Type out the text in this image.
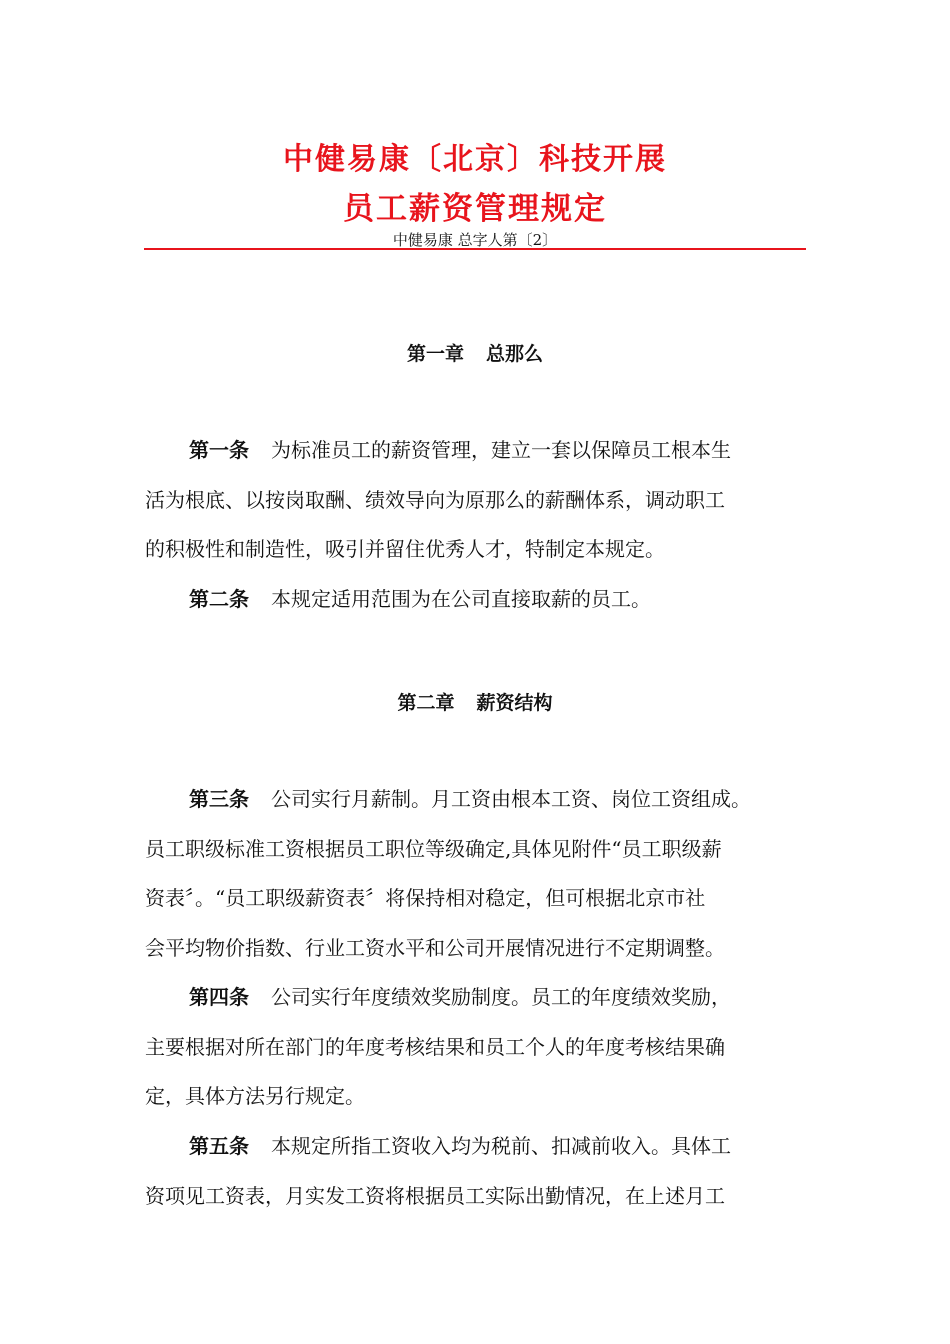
中健易康〔北京〕科技开展
员工薪资管理规定
中健易康 总字人第〔2〕
第一章 总那么
第一条 为标准员工的薪资管理，建立一套以保障员工根本生
活为根底、以按岗取酬、绩效导向为原那么的薪酬体系，调动职工
的积极性和制造性，吸引并留住优秀人才，特制定本规定。
第二条 本规定适用范围为在公司直接取薪的员工。
第二章 薪资结构
第三条 公司实行月薪制。月工资由根本工资、岗位工资组成。
员工职级标准工资根据员工职位等级确定,具体见附件“员工职级薪
资表〞。“员工职级薪资表〞将保持相对稳定，但可根据北京市社
会平均物价指数、行业工资水平和公司开展情况进行不定期调整。
第四条 公司实行年度绩效奖励制度。员工的年度绩效奖励，
主要根据对所在部门的年度考核结果和员工个人的年度考核结果确
定，具体方法另行规定。
第五条 本规定所指工资收入均为税前、扣减前收入。具体工
资项见工资表，月实发工资将根据员工实际出勤情况，在上述月工
